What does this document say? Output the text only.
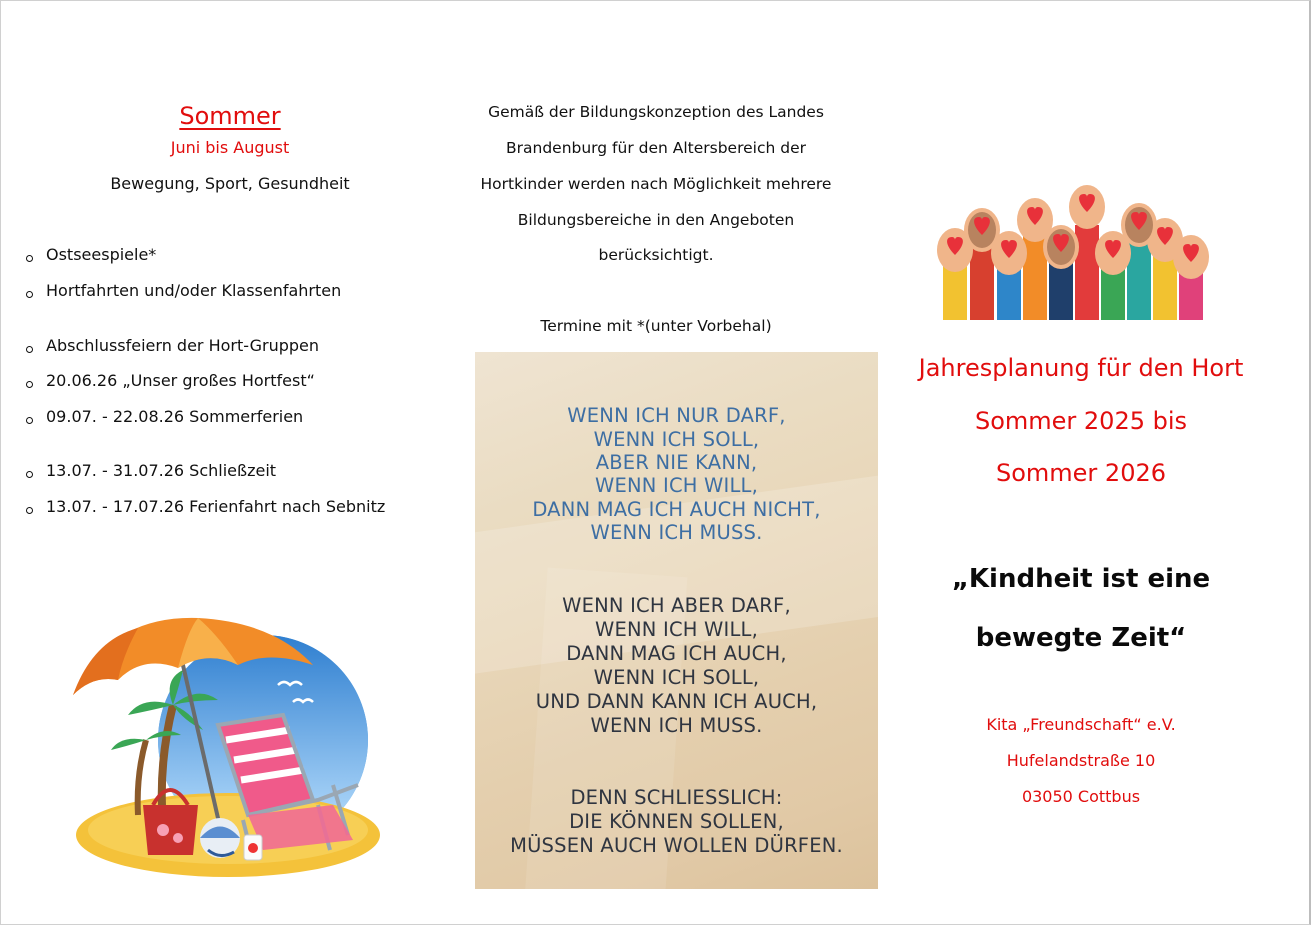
Sommer
Juni bis August
Bewegung, Sport, Gesundheit
Ostseespiele*
Hortfahrten und/oder Klassenfahrten
Abschlussfeiern der Hort-Gruppen
20.06.26 „Unser großes Hortfest“
09.07. - 22.08.26 Sommerferien
13.07. - 31.07.26 Schließzeit
13.07. - 17.07.26 Ferienfahrt nach Sebnitz
Gemäß der Bildungskonzeption des Landes
Brandenburg für den Altersbereich der
Hortkinder werden nach Möglichkeit mehrere
Bildungsbereiche in den Angeboten
berücksichtigt.
Termine mit *(unter Vorbehal)
WENN ICH NUR DARF,
WENN ICH SOLL,
ABER NIE KANN,
WENN ICH WILL,
DANN MAG ICH AUCH NICHT,
WENN ICH MUSS.
WENN ICH ABER DARF,
WENN ICH WILL,
DANN MAG ICH AUCH,
WENN ICH SOLL,
UND DANN KANN ICH AUCH,
WENN ICH MUSS.
DENN SCHLIESSLICH:
DIE KÖNNEN SOLLEN,
MÜSSEN AUCH WOLLEN DÜRFEN.
Jahresplanung für den Hort
Sommer 2025 bis
Sommer 2026
„Kindheit ist eine
bewegte Zeit“
Kita „Freundschaft“ e.V.
Hufelandstraße 10
03050 Cottbus
